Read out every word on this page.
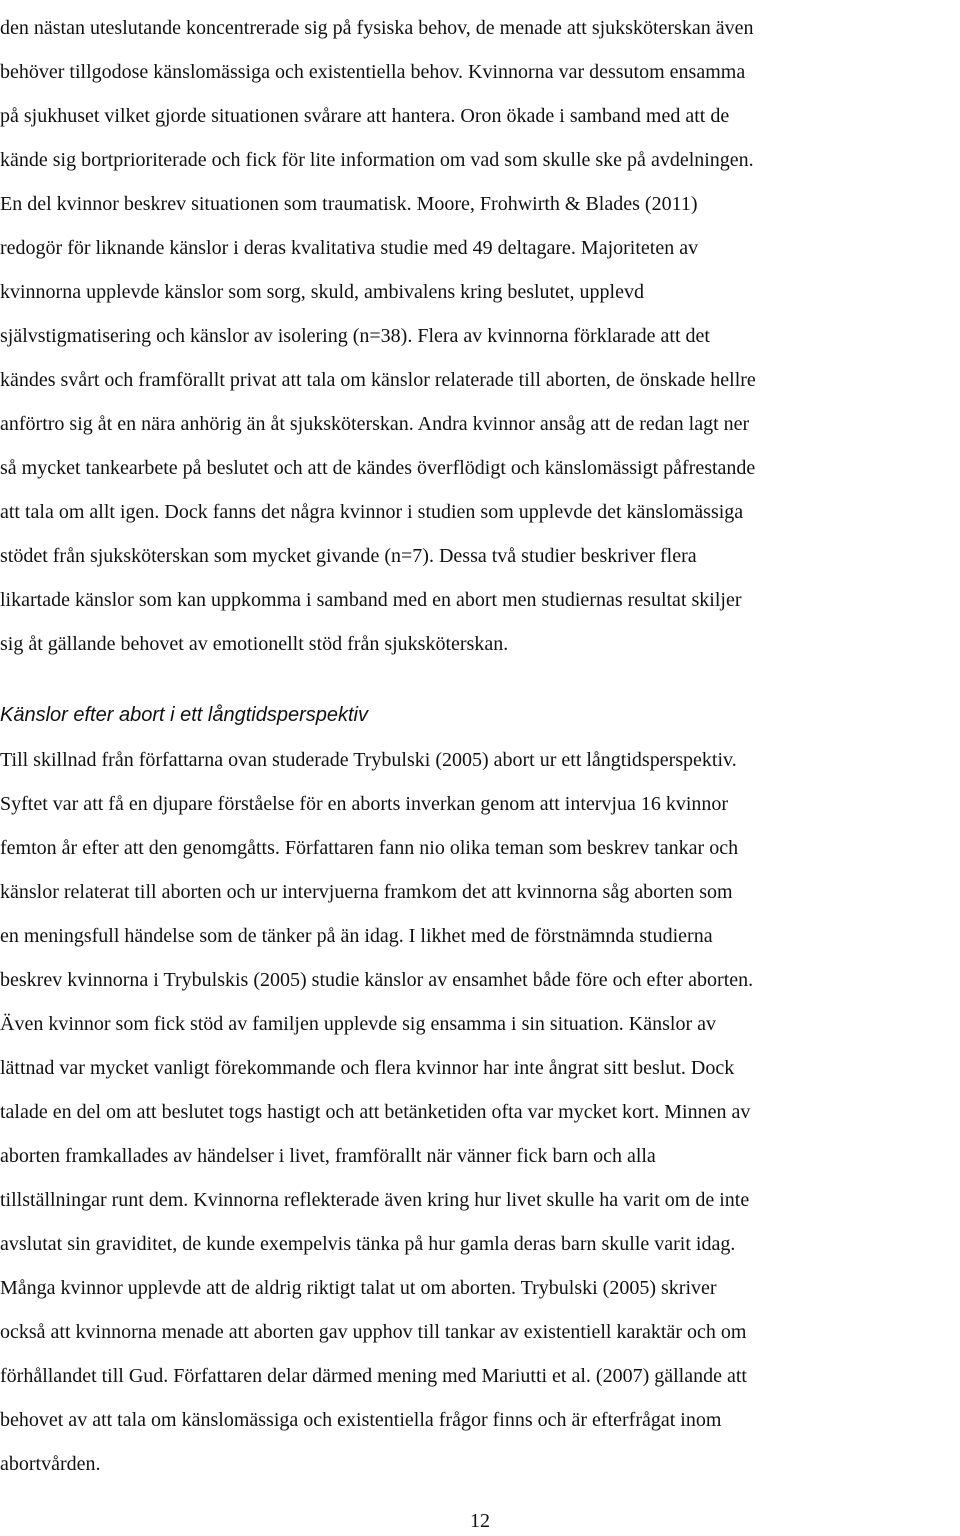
den nästan uteslutande koncentrerade sig på fysiska behov, de menade att sjuksköterskan även
behöver tillgodose känslomässiga och existentiella behov. Kvinnorna var dessutom ensamma
på sjukhuset vilket gjorde situationen svårare att hantera. Oron ökade i samband med att de
kände sig bortprioriterade och fick för lite information om vad som skulle ske på avdelningen.
En del kvinnor beskrev situationen som traumatisk. Moore, Frohwirth & Blades (2011)
redogör för liknande känslor i deras kvalitativa studie med 49 deltagare. Majoriteten av
kvinnorna upplevde känslor som sorg, skuld, ambivalens kring beslutet, upplevd
självstigmatisering och känslor av isolering (n=38). Flera av kvinnorna förklarade att det
kändes svårt och framförallt privat att tala om känslor relaterade till aborten, de önskade hellre
anförtro sig åt en nära anhörig än åt sjuksköterskan. Andra kvinnor ansåg att de redan lagt ner
så mycket tankearbete på beslutet och att de kändes överflödigt och känslomässigt påfrestande
att tala om allt igen. Dock fanns det några kvinnor i studien som upplevde det känslomässiga
stödet från sjuksköterskan som mycket givande (n=7). Dessa två studier beskriver flera
likartade känslor som kan uppkomma i samband med en abort men studiernas resultat skiljer
sig åt gällande behovet av emotionellt stöd från sjuksköterskan.
Känslor efter abort i ett långtidsperspektiv
Till skillnad från författarna ovan studerade Trybulski (2005) abort ur ett långtidsperspektiv.
Syftet var att få en djupare förståelse för en aborts inverkan genom att intervjua 16 kvinnor
femton år efter att den genomgåtts. Författaren fann nio olika teman som beskrev tankar och
känslor relaterat till aborten och ur intervjuerna framkom det att kvinnorna såg aborten som
en meningsfull händelse som de tänker på än idag. I likhet med de förstnämnda studierna
beskrev kvinnorna i Trybulskis (2005) studie känslor av ensamhet både före och efter aborten.
Även kvinnor som fick stöd av familjen upplevde sig ensamma i sin situation. Känslor av
lättnad var mycket vanligt förekommande och flera kvinnor har inte ångrat sitt beslut. Dock
talade en del om att beslutet togs hastigt och att betänketiden ofta var mycket kort. Minnen av
aborten framkallades av händelser i livet, framförallt när vänner fick barn och alla
tillställningar runt dem. Kvinnorna reflekterade även kring hur livet skulle ha varit om de inte
avslutat sin graviditet, de kunde exempelvis tänka på hur gamla deras barn skulle varit idag.
Många kvinnor upplevde att de aldrig riktigt talat ut om aborten. Trybulski (2005) skriver
också att kvinnorna menade att aborten gav upphov till tankar av existentiell karaktär och om
förhållandet till Gud. Författaren delar därmed mening med Mariutti et al. (2007) gällande att
behovet av att tala om känslomässiga och existentiella frågor finns och är efterfrågat inom
abortvården.
12
